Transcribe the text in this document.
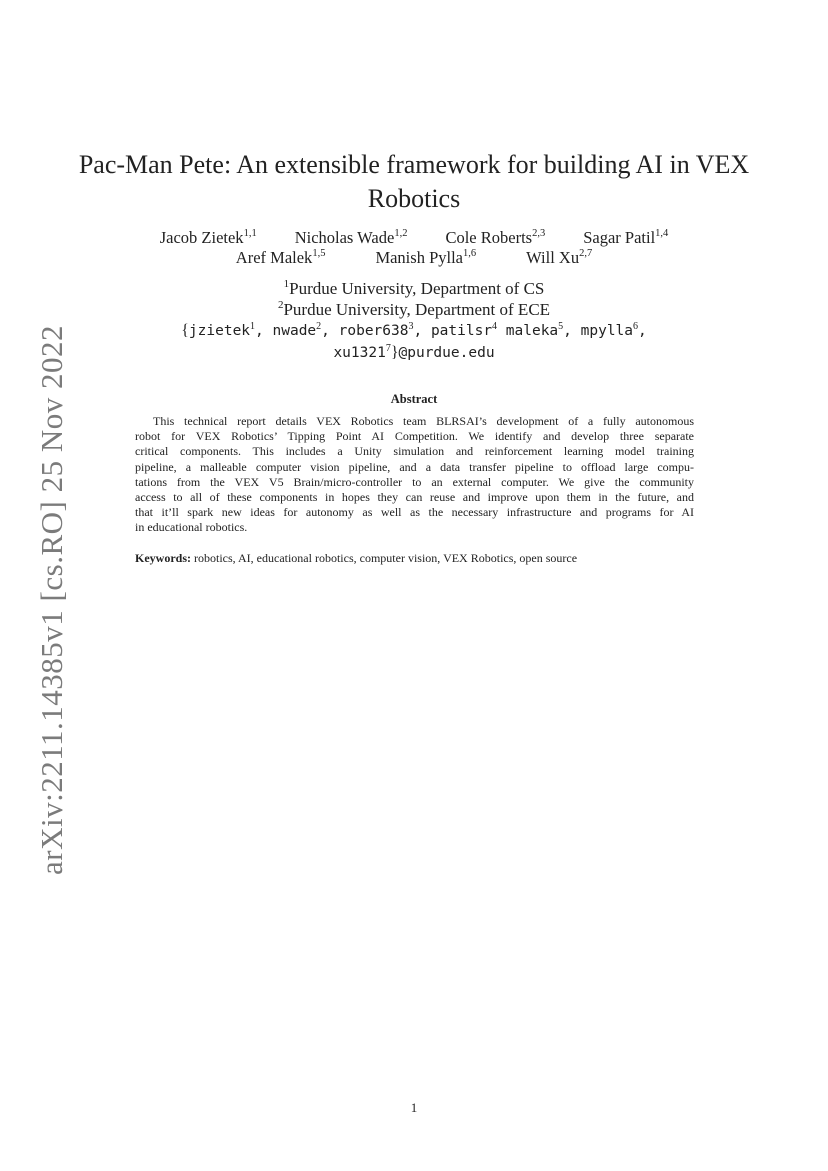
arXiv:2211.14385v1 [cs.RO] 25 Nov 2022
Pac-Man Pete: An extensible framework for building AI in VEX
Robotics
Jacob Zietek$^{1,1}$ Nicholas Wade$^{1,2}$ Cole Roberts$^{2,3}$ Sagar Patil$^{1,4}$
Aref Malek$^{1,5}$	Manish Pylla$^{1,6}$	Will Xu$^{2,7}$
$^1$Purdue University, Department of CS
$^2$Purdue University, Department of ECE
{jzietek$^1$, nwade$^2$, $rober638^3$, patilsr$^4$ maleka$^5$, mpylla$^6$,
xu1321$^7$}@purdue.edu
Abstract
This technical report details VEX Robotics team BLRSAI’s development of a fully autonomous
robot for VEX Robotics’ Tipping Point AI Competition. We identify and develop three separate
critical components. This includes a Unity simulation and reinforcement learning model training
pipeline, a malleable computer vision pipeline, and a data transfer pipeline to offload large compu-
tations from the VEX V5 Brain/micro-controller to an external computer. We give the community
access to all of these components in hopes they can reuse and improve upon them in the future, and
that it’ll spark new ideas for autonomy as well as the necessary infrastructure and programs for AI
in educational robotics.
Keywords: robotics, AI, educational robotics, computer vision, VEX Robotics, open source
1
